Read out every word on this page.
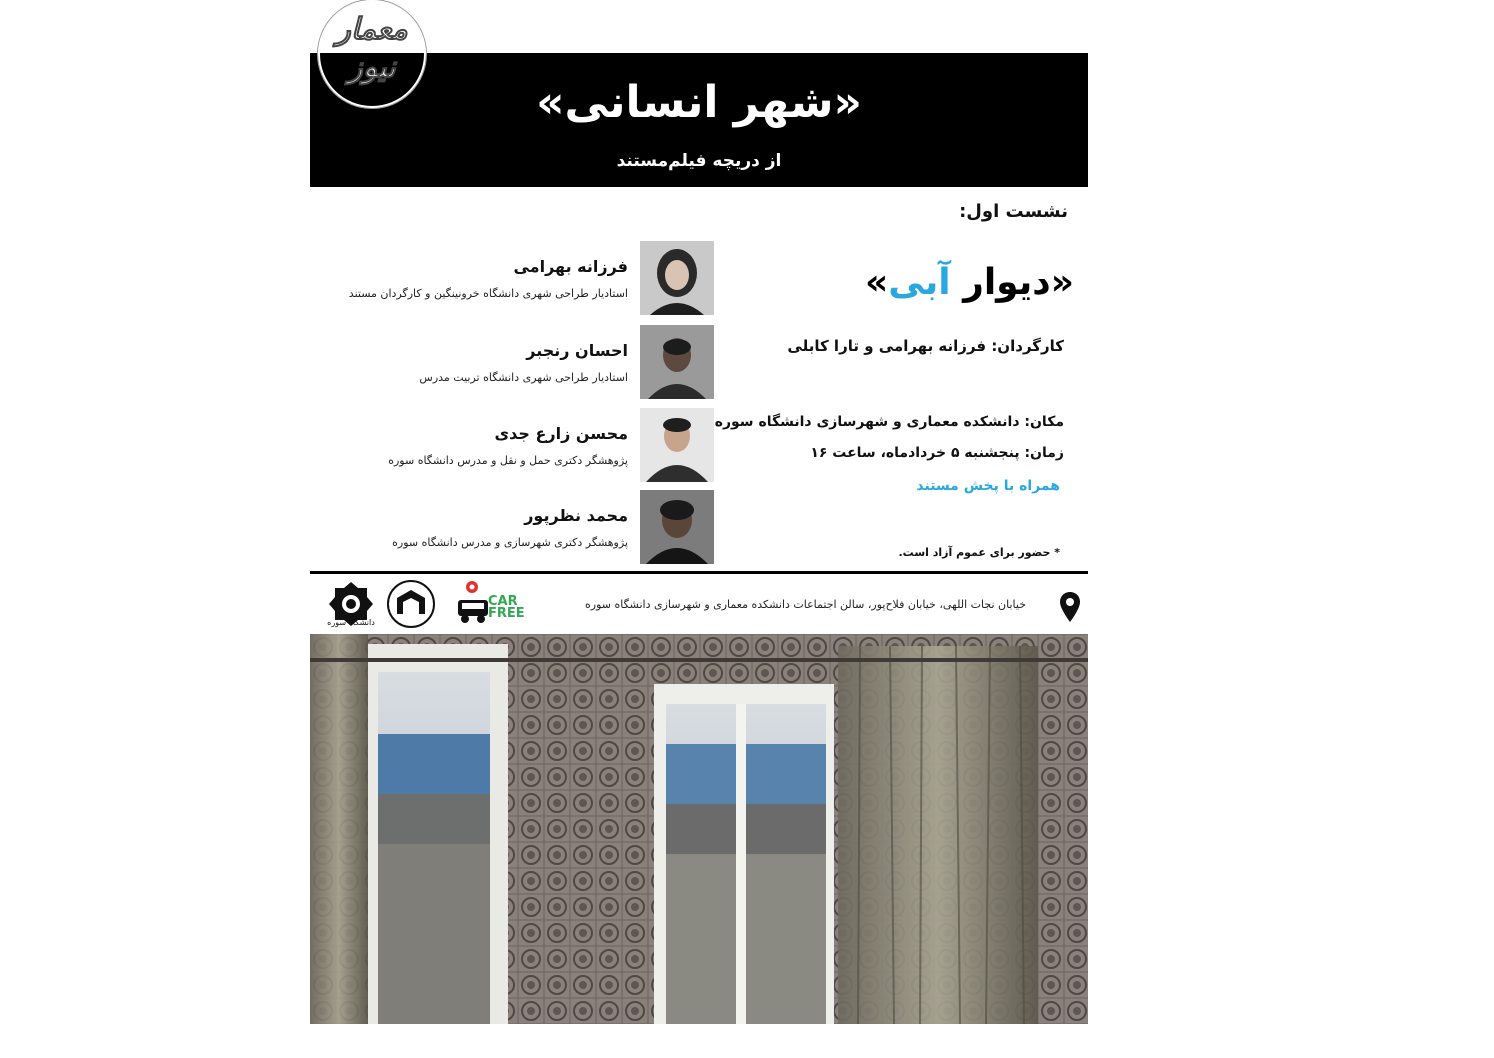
«شهر انسانی»
از دریچه فیلم‌مستند
نشست اول:
«دیوار آبی»
کارگردان: فرزانه بهرامی و تارا کابلی
مکان: دانشکده معماری و شهرسازی دانشگاه سوره
زمان: پنجشنبه ۵ خردادماه، ساعت ۱۶
همراه با پخش مستند
* حضور برای عموم آزاد است.
فرزانه بهرامی
استادیار طراحی شهری دانشگاه خرونینگین و کارگردان مستند
احسان رنجبر
استادیار طراحی شهری دانشگاه تربیت مدرس
محسن زارع جدی
پژوهشگر دکتری حمل و نقل و مدرس دانشگاه سوره
محمد نظرپور
پژوهشگر دکتری شهرسازی و مدرس دانشگاه سوره
دانشگاه سوره
CAR
FREE
خیابان نجات اللهی، خیابان فلاح‌پور، سالن اجتماعات دانشکده معماری و شهرسازی دانشگاه سوره
معمار
نیوز
